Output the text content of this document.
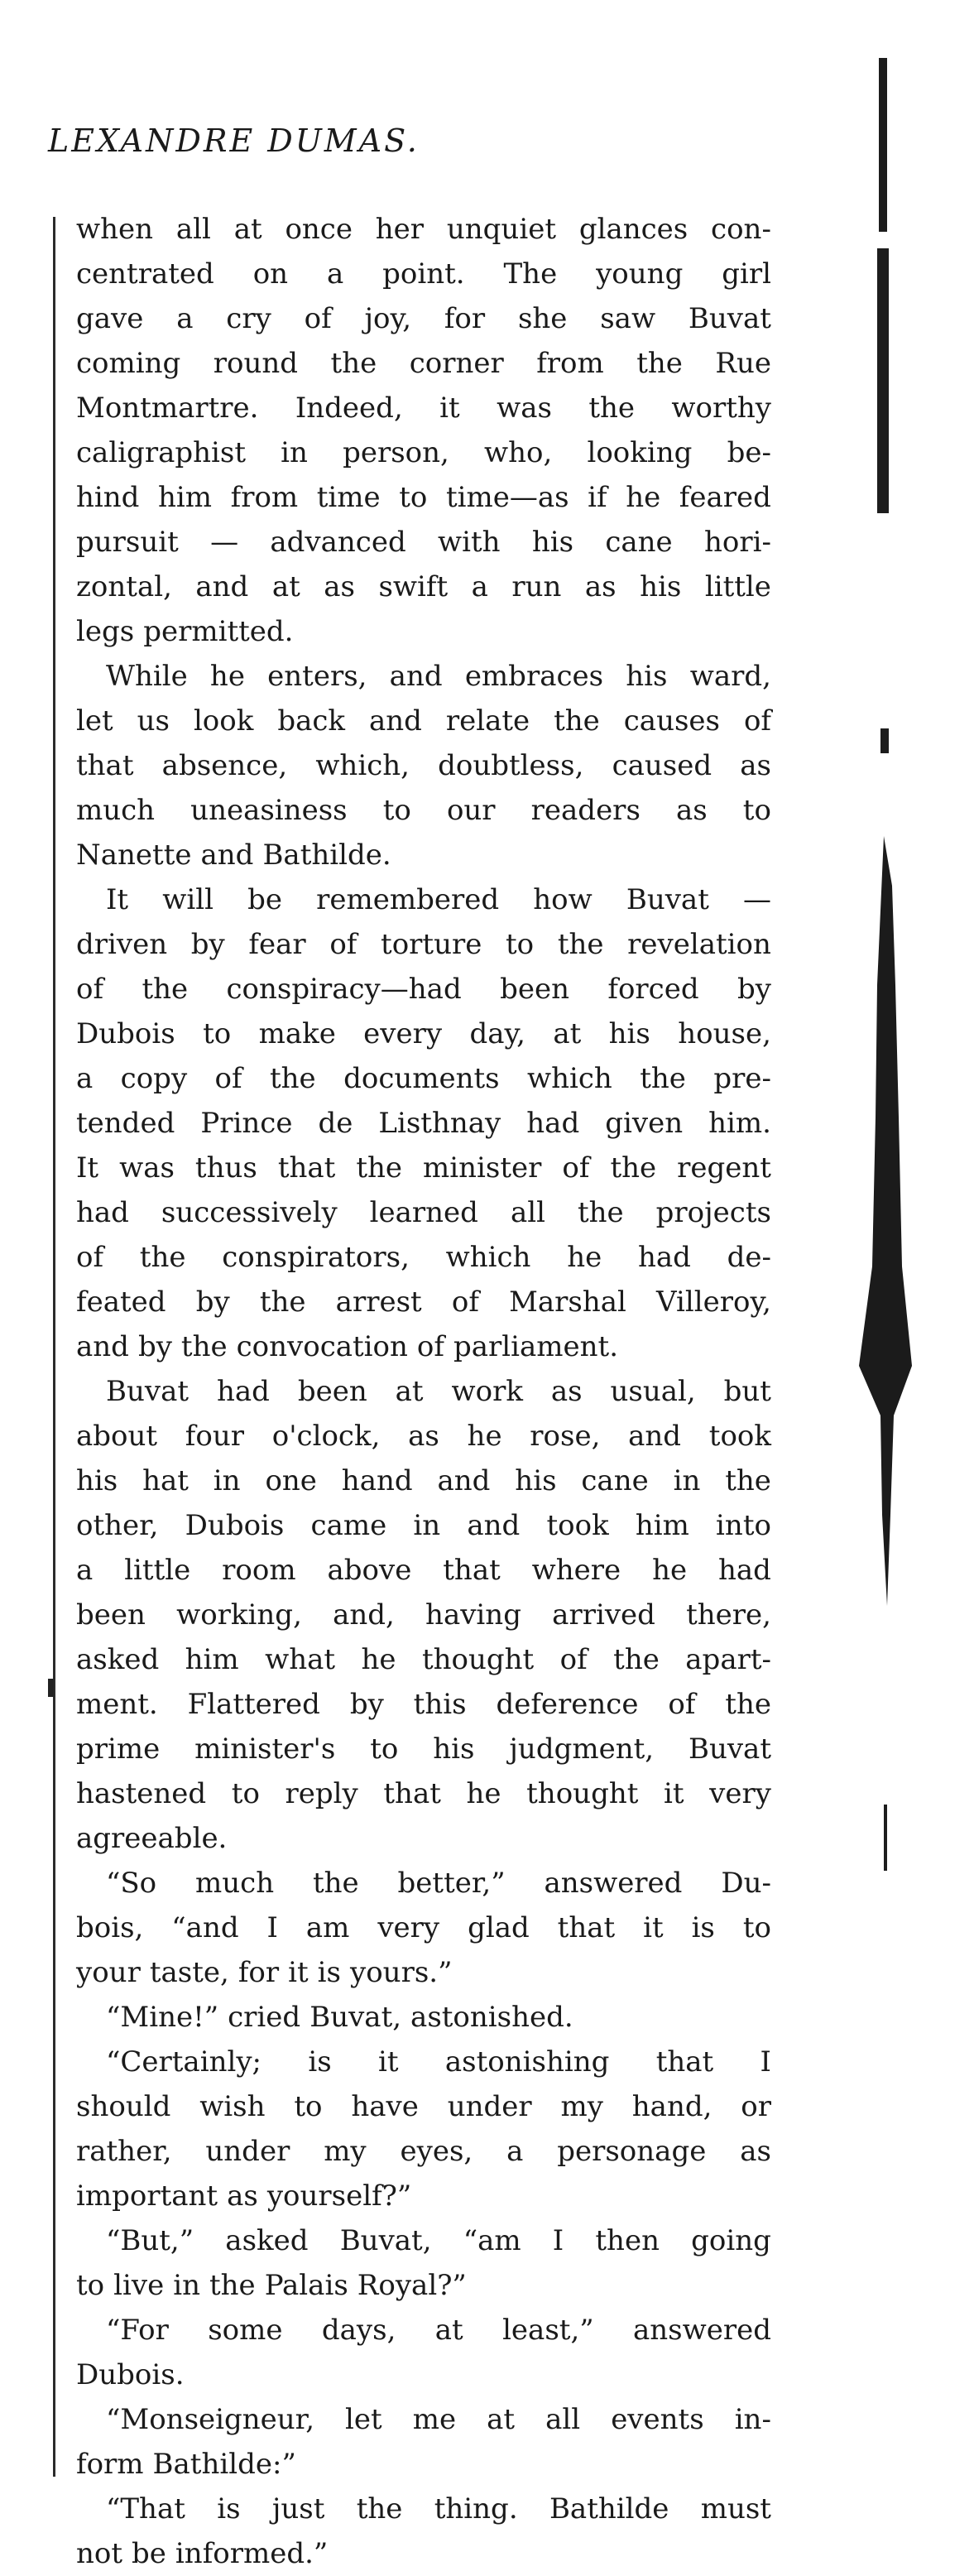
LEXANDRE DUMAS.
when all at once her unquiet glances con-
centrated on a point. The young girl
gave a cry of joy, for she saw Buvat
coming round the corner from the Rue
Montmartre. Indeed, it was the worthy
caligraphist in person, who, looking be-
hind him from time to time—as if he feared
pursuit — advanced with his cane hori-
zontal, and at as swift a run as his little
legs permitted.
While he enters, and embraces his ward,
let us look back and relate the causes of
that absence, which, doubtless, caused as
much uneasiness to our readers as to
Nanette and Bathilde.
It will be remembered how Buvat —
driven by fear of torture to the revelation
of the conspiracy—had been forced by
Dubois to make every day, at his house,
a copy of the documents which the pre-
tended Prince de Listhnay had given him.
It was thus that the minister of the regent
had successively learned all the projects
of the conspirators, which he had de-
feated by the arrest of Marshal Villeroy,
and by the convocation of parliament.
Buvat had been at work as usual, but
about four o'clock, as he rose, and took
his hat in one hand and his cane in the
other, Dubois came in and took him into
a little room above that where he had
been working, and, having arrived there,
asked him what he thought of the apart-
ment. Flattered by this deference of the
prime minister's to his judgment, Buvat
hastened to reply that he thought it very
agreeable.
“So much the better,” answered Du-
bois, “and I am very glad that it is to
your taste, for it is yours.”
“Mine!” cried Buvat, astonished.
“Certainly; is it astonishing that I
should wish to have under my hand, or
rather, under my eyes, a personage as
important as yourself?”
“But,” asked Buvat, “am I then going
to live in the Palais Royal?”
“For some days, at least,” answered
Dubois.
“Monseigneur, let me at all events in-
form Bathilde:”
“That is just the thing. Bathilde must
not be informed.”
